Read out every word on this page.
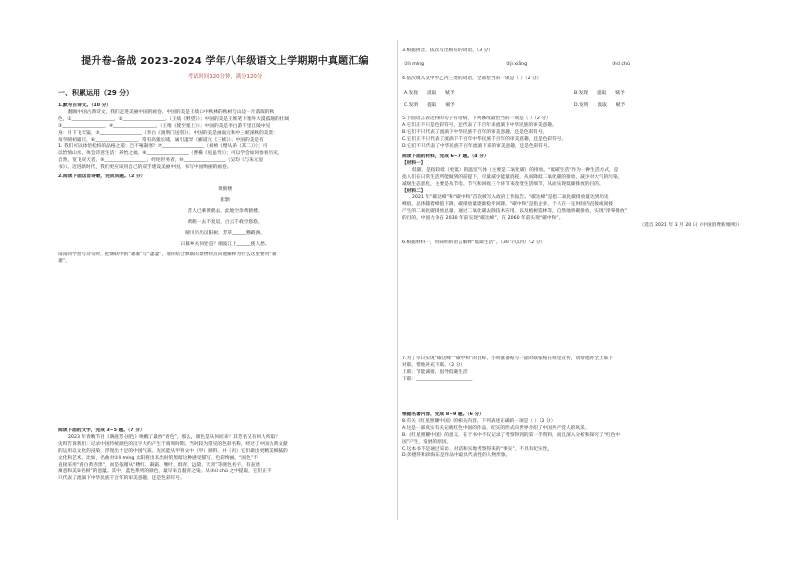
提升卷-备战 2023-2024 学年八年级语文上学期期中真题汇编
考试时间120分钟，满分120分
一、积累运用（29 分）
1.默写古诗文。（10 分）
翻阅中国古典诗文，我们走进美丽中国的画卷。中国的美是王绩口中秋林的秋树与山边一片落晖的秋
色，①__________________，②__________________。（王绩《野望》）；中国的美是王维笔下塞外大漠孤烟的壮阔
③__________________，④__________________。（王维《使至塞上》）；中国的美是李白游千里江陵中见
身：月下飞天镜，⑤__________________（李白《渡荆门送别》）；中国的美是画面元和中三峡深秋的美景：
每至晴初霜旦，⑥__________________，常有高猿长啸，属引凄异（郦道元《三峡》）；中国的美是有
1. 我们可以体悟松柏的品格之道：岂不罹凝寒？⑦__________________（刘桢《赠从弟（其二）》）；可
以怡情山水，体会诗意生活：养怡之福，⑧__________________（曹操《龟虽寿》）；可以学会如何参看历史，
自然，宽飞戾天者，⑨__________________；经纶世务者，⑩__________________（吴均《与朱元思
书》）。迈进新时代，我们更应该用自己的双手建设美丽中国，书写中国绚丽的画卷。
2.阅读下面这首诗歌，完成问题。（2 分）
黄鹤楼
崔颢
昔人已乘黄鹤去，此地空余黄鹤楼。
黄鹤一去不复返，白云千载空悠悠。
晴川历历汉阳树，芳草______鹦鹉洲。
日暮乡关何处是？烟波江上______使人愁。
南南同学誊写诗句时，把颔联中的“萋萋”写“凄凄”，请你结合颔联的景物特点向他解释为什么这里要用“萋
萋”。
阅读下面的文字，完成 3~5 题。（7 分）
2023 年春晚节目《满庭芳·国色》唤醒了最炒“青色”。那么，颜色是从何而来？其芳名又有何人所取？
史料告诉我们：记录中国传统颜色的汉字大约产生于商周时期。当时较为常见的色彩名称，经过了中国古典文献
的运用以文化的浸染，浮现出十足的中国气质。先民能从甲骨文中（甲）颜料，并（丙）它们做出更精美细腻的
文化和艺术，比如，名曲对①lì míng 太阳将出未出时的黑暗这种感受描写，色彩绚丽。“国色”不
直接采用“青白黄赤黑”，而是依循从“楼红、凝霜、缃叶、群青、远黛、天青”等颜色名字，有表述
寓意和美②名相“的意蕴。其中，蓝色系列的颜色，最早来自靛青之染。从③sǐ chǔ 之中提取，它们正不
只代表了流淌下中华民族千百年的审美意趣，还是色彩符号。
3.根据拼音，依次写出相应的词语。（3 分）
①lì míng	②jì xiāng	③sǐ chǔ
4.依次填入文中甲乙丙三处的词语，全部恰当的一项是（ ）（2 分）
A.发现 汲取 赋予	B.发现 提取 赋予
C.发明 提取 赋予	D.发明 汲取 赋予
5.下面语言表达得的句子有语病，下列修改最恰当的一项是（ ）（2 分）
A.它们正不只是色彩符号，还代表了千百年来流淌下中华民族的审美意趣。
B.它们不只代表了流淌下中华民族千百年的审美意趣，还是色彩符号。
C.它们正不只代表了流淌下千百年中华民族千百年的审美意趣，还是色彩符号。
D.它们不只代表了中华民族千百年流淌下来的审美意趣，还是色彩符号。
阅读下面的材料，完成 6~7 题。（4 分）
【材料一】
低碳，是指较低（更低）的温室气体（主要是二氧化碳）的排放。“低碳生活”作为一种生活方式，是
指人们在日常生活所能做到的前提下，尽量减少能量消耗，从而降低二氧化碳的排放，减少对大气的污染，
减缓生态恶化，主要是从节电、节气和回收三个环节来改变生活细节，从而实现低碳排放的目的。
【材料二】
2021 年“碳达峰”和“碳中和”首次被写入政府工作报告。“碳达峰”是指二氧化碳排放量达到历史
峰值，总体随着峰值下降，碳排放量逐渐稳步回降。“碳中和”是指企业、个人在一定时间内直接或间接
产生的二氧化碳排放总量，通过二氧化碳去除技术应用，以及植树造林等，自然地将碳排放，实现“净零排放”
的目的。中国力争在 2030 年前实现“碳达峰”，在 2060 年前实现“碳中和”。
（选自 2021 年 3 月 20 日《中国消费新闻网》）
6.根据材料一，用简明的语言解释“低碳生活”。（30 字以内）（2 分）
7.为了早日实现“碳达峰”“碳中和”的目标，小明准备贴写一副对联张贴在班里宣传，请帮他补全上联下
对联，帮他补充下联。（2 分）
上联：节能减排，倡导低碳生活
下联：________________________
根据名著内容，完成 8~9 题。（6 分）
8.有关《红星照耀中国》的相关内容，下列表述正确的一项是（ ）（2 分）
A.这是一部真实有关记载红色中国的作品，纪实的形式向世界介绍了中国共产党人的风采。
B.《红星照耀中国》的意义，在于书中不仅记录了考察得到的第一手资料，而且深入分析和探究了“红色中
国”产生，发展的原因。
C.这本书不是通过采访、对话和实地考察得来的“事实”，不具有纪实性。
D.彭德怀和徐海东是作品中最具代表性的人物形象。
